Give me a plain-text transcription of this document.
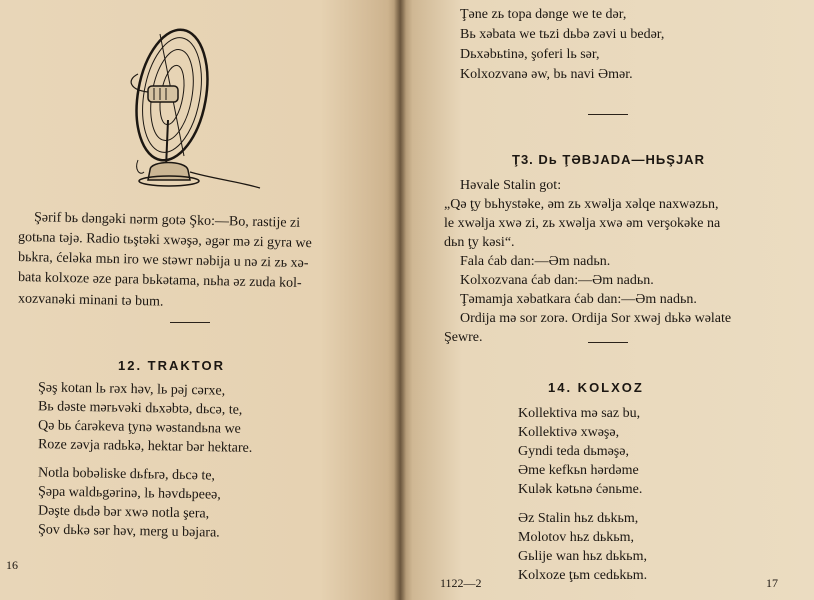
Şərif bь dəngəki nərm gotə Şko:—Bo, rastije zi
gotьna təjə. Radio tьştəki xwəşə, əgər mə zi gyra we
bьkra, ćeləka mьn iro we stəwr nəbija u nə zi zь xə-
bata kolxoze əze para bьkətama, nьha əz zuda kol-
xozvanəki minani tə bum.
12. TRAKTOR
Şəş kotan lь rəx həv, lь pəj cərxe,
Bь dəste mərьvəki dьxəbtə, dьcə, te,
Qə bь ćarəkeva ţynə wəstandьna we
Roze zəvja radьkə, hektar bər hektare.
Notla bobəliske dьfьrə, dьcə te,
Şəpa waldьgərinə, lь həvdьpeeə,
Dəşte dьdə bər xwə notla şera,
Şov dьkə sər həv, merg u bəjara.
16
Ţəne zь topa dənge we te dər,
Bь xəbata we tьzi dьbə zəvi u bedər,
Dьxəbьtinə, şoferi lь sər,
Kolxozvanə əw, bь navi Əmər.
Ţ3. Dь ŢƏBJADA—HЬŞJAR
Həvale Stalin got:
„Qə ţy bьhystəke, əm zь xwəlja xəlqe naxwəzьn,
le xwəlja xwə zi, zь xwəlja xwə əm verşokəke na
dьn ţy kəsi“.
Fala ćab dan:—Əm nadьn.
Kolxozvana ćab dan:—Əm nadьn.
Ţəmamja xəbatkara ćab dan:—Əm nadьn.
Ordija mə sor zorə. Ordija Sor xwəj dьkə wəlate
Şewre.
14. KOLXOZ
Kollektiva mə saz bu,
Kollektivə xwəşə,
Gyndi teda dьməşə,
Əme kefkьn hərdəme
Kulək kətьnə ćənьme.
Əz Stalin hьz dьkьm,
Molotov hьz dьkьm,
Gьlije wan hьz dьkьm,
Kolxoze ţьm cedьkьm.
1122—2	17
